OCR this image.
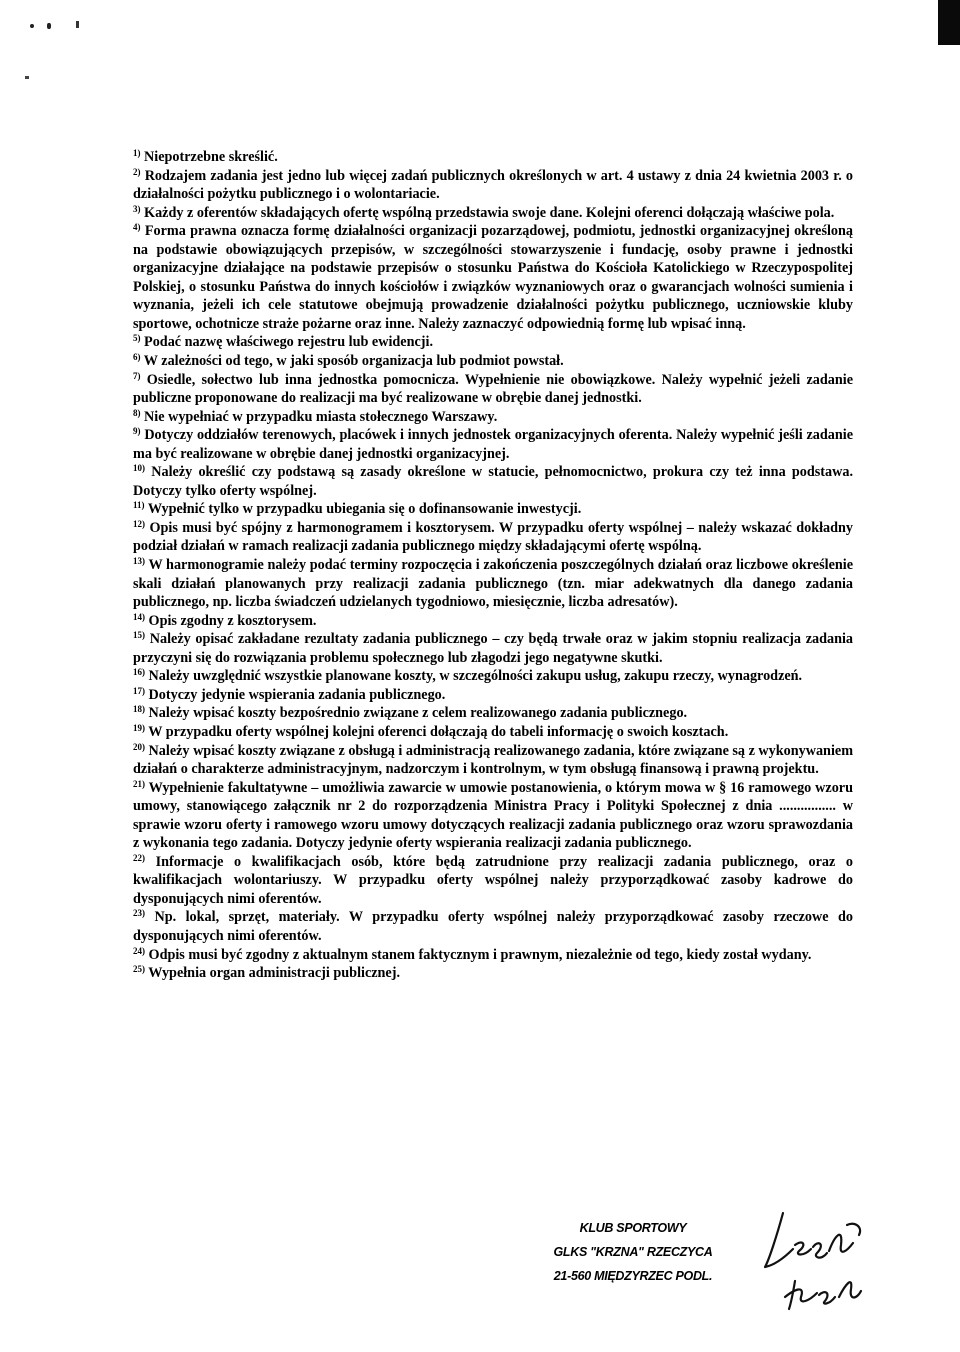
$^{1)}$ Niepotrzebne skreślić.

$^{2)}$ Rodzajem zadania jest jedno lub więcej zadań publicznych określonych w art. 4 ustawy z dnia 24 kwietnia 2003 r. o działalności pożytku publicznego i o wolontariacie.

$^{3)}$ Każdy z oferentów składających ofertę wspólną przedstawia swoje dane. Kolejni oferenci dołączają właściwe pola.

$^{4)}$ Forma prawna oznacza formę działalności organizacji pozarządowej, podmiotu, jednostki organizacyjnej określoną na podstawie obowiązujących przepisów, w szczególności stowarzyszenie i fundację, osoby prawne i jednostki organizacyjne działające na podstawie przepisów o stosunku Państwa do Kościoła Katolickiego w Rzeczypospolitej Polskiej, o stosunku Państwa do innych kościołów i związków wyznaniowych oraz o gwarancjach wolności sumienia i wyznania, jeżeli ich cele statutowe obejmują prowadzenie działalności pożytku publicznego, uczniowskie kluby sportowe, ochotnicze straże pożarne oraz inne. Należy zaznaczyć odpowiednią formę lub wpisać inną.

$^{5)}$ Podać nazwę właściwego rejestru lub ewidencji.

$^{6)}$ W zależności od tego, w jaki sposób organizacja lub podmiot powstał.

$^{7)}$ Osiedle, sołectwo lub inna jednostka pomocnicza. Wypełnienie nie obowiązkowe. Należy wypełnić jeżeli zadanie publiczne proponowane do realizacji ma być realizowane w obrębie danej jednostki.

$^{8)}$ Nie wypełniać w przypadku miasta stołecznego Warszawy.

$^{9)}$ Dotyczy oddziałów terenowych, placówek i innych jednostek organizacyjnych oferenta. Należy wypełnić jeśli zadanie ma być realizowane w obrębie danej jednostki organizacyjnej.

$^{10)}$ Należy określić czy podstawą są zasady określone w statucie, pełnomocnictwo, prokura czy też inna podstawa. Dotyczy tylko oferty wspólnej.

$^{11)}$ Wypełnić tylko w przypadku ubiegania się o dofinansowanie inwestycji.

$^{12)}$ Opis musi być spójny z harmonogramem i kosztorysem. W przypadku oferty wspólnej – należy wskazać dokładny podział działań w ramach realizacji zadania publicznego między składającymi ofertę wspólną.

$^{13)}$ W harmonogramie należy podać terminy rozpoczęcia i zakończenia poszczególnych działań oraz liczbowe określenie skali działań planowanych przy realizacji zadania publicznego (tzn. miar adekwatnych dla danego zadania publicznego, np. liczba świadczeń udzielanych tygodniowo, miesięcznie, liczba adresatów).

$^{14)}$ Opis zgodny z kosztorysem.

$^{15)}$ Należy opisać zakładane rezultaty zadania publicznego – czy będą trwałe oraz w jakim stopniu realizacja zadania przyczyni się do rozwiązania problemu społecznego lub złagodzi jego negatywne skutki.

$^{16)}$ Należy uwzględnić wszystkie planowane koszty, w szczególności zakupu usług, zakupu rzeczy, wynagrodzeń.

$^{17)}$ Dotyczy jedynie wspierania zadania publicznego.

$^{18)}$ Należy wpisać koszty bezpośrednio związane z celem realizowanego zadania publicznego.

$^{19)}$ W przypadku oferty wspólnej kolejni oferenci dołączają do tabeli informację o swoich kosztach.

$^{20)}$ Należy wpisać koszty związane z obsługą i administracją realizowanego zadania, które związane są z wykonywaniem działań o charakterze administracyjnym, nadzorczym i kontrolnym, w tym obsługą finansową i prawną projektu.

$^{21)}$ Wypełnienie fakultatywne – umożliwia zawarcie w umowie postanowienia, o którym mowa w § 16 ramowego wzoru umowy, stanowiącego załącznik nr 2 do rozporządzenia Ministra Pracy i Polityki Społecznej z dnia ................ w sprawie wzoru oferty i ramowego wzoru umowy dotyczących realizacji zadania publicznego oraz wzoru sprawozdania z wykonania tego zadania. Dotyczy jedynie oferty wspierania realizacji zadania publicznego.

$^{22)}$ Informacje o kwalifikacjach osób, które będą zatrudnione przy realizacji zadania publicznego, oraz o kwalifikacjach wolontariuszy. W przypadku oferty wspólnej należy przyporządkować zasoby kadrowe do dysponujących nimi oferentów.

$^{23)}$ Np. lokal, sprzęt, materiały. W przypadku oferty wspólnej należy przyporządkować zasoby rzeczowe do dysponujących nimi oferentów.

$^{24)}$ Odpis musi być zgodny z aktualnym stanem faktycznym i prawnym, niezależnie od tego, kiedy został wydany.

$^{25)}$ Wypełnia organ administracji publicznej.

KLUB SPORTOWY
GLKS "KRZNA" RZECZYCA
21-560 MIĘDZYRZEC PODL.
